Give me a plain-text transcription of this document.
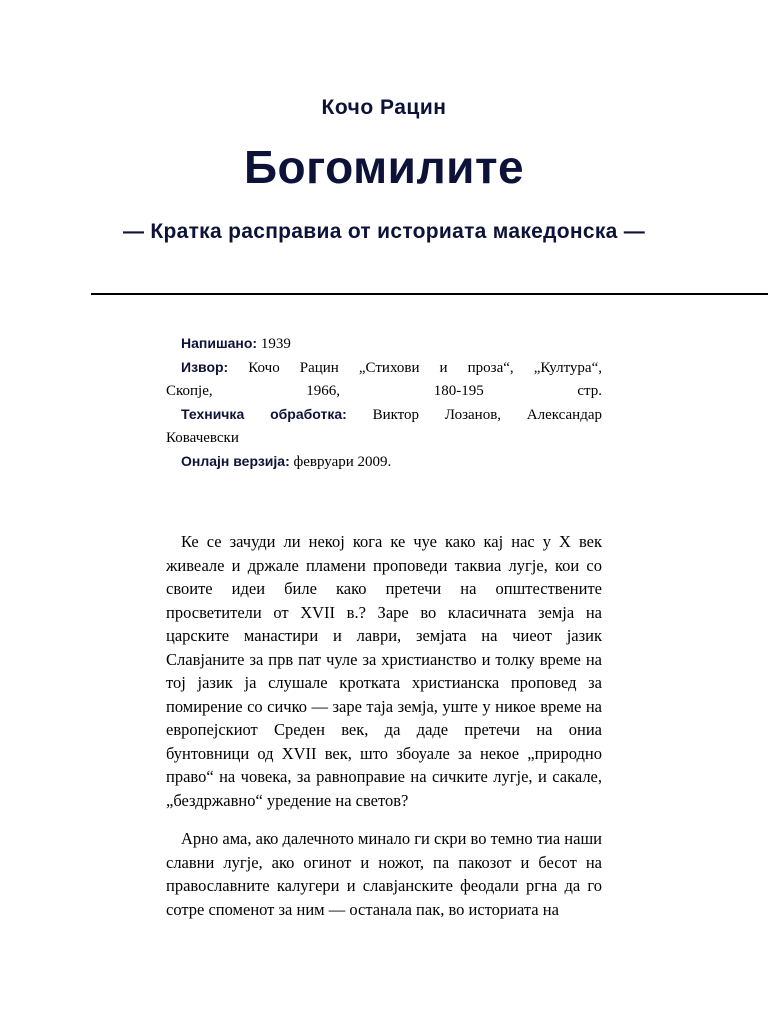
Кочо Рацин
Богомилите
— Кратка расправиа от историата македонска —

Напишано: 1939

Извор: Кочо Рацин „Стихови и проза“, „Култура“,

Скопје, 1966, 180-195 стр.

Техничка обработка: Виктор Лозанов, Александар

Ковачевски

Онлајн верзија: февруари 2009.

Ке се зачуди ли некој кога ке чуе како кај нас у X век живеале и држале пламени проповеди таквиа лугје, кои со своите идеи биле како претечи на општествените просветители от XVII в.? Заре во класичната земја на царските манастири и лаври, земјата на чиеот јазик Славјаните за прв пат чуле за христианство и толку време на тој јазик ја слушале кротката христианска проповед за помирение со сичко — заре таја земја, уште у никое време на европејскиот Среден век, да даде претечи на ониа бунтовници од XVII век, што збоуале за некое „природно право“ на човека, за равноправие на сичките лугје, и сакале, „бездржавно“ уредение на светов?

Арно ама, ако далечното минало ги скри во темно тиа наши славни лугје, ако огинот и ножот, па пакозот и бесот на православните калугери и славјанските феодали ргна да го сотре споменот за ним — останала пак, во историата на
